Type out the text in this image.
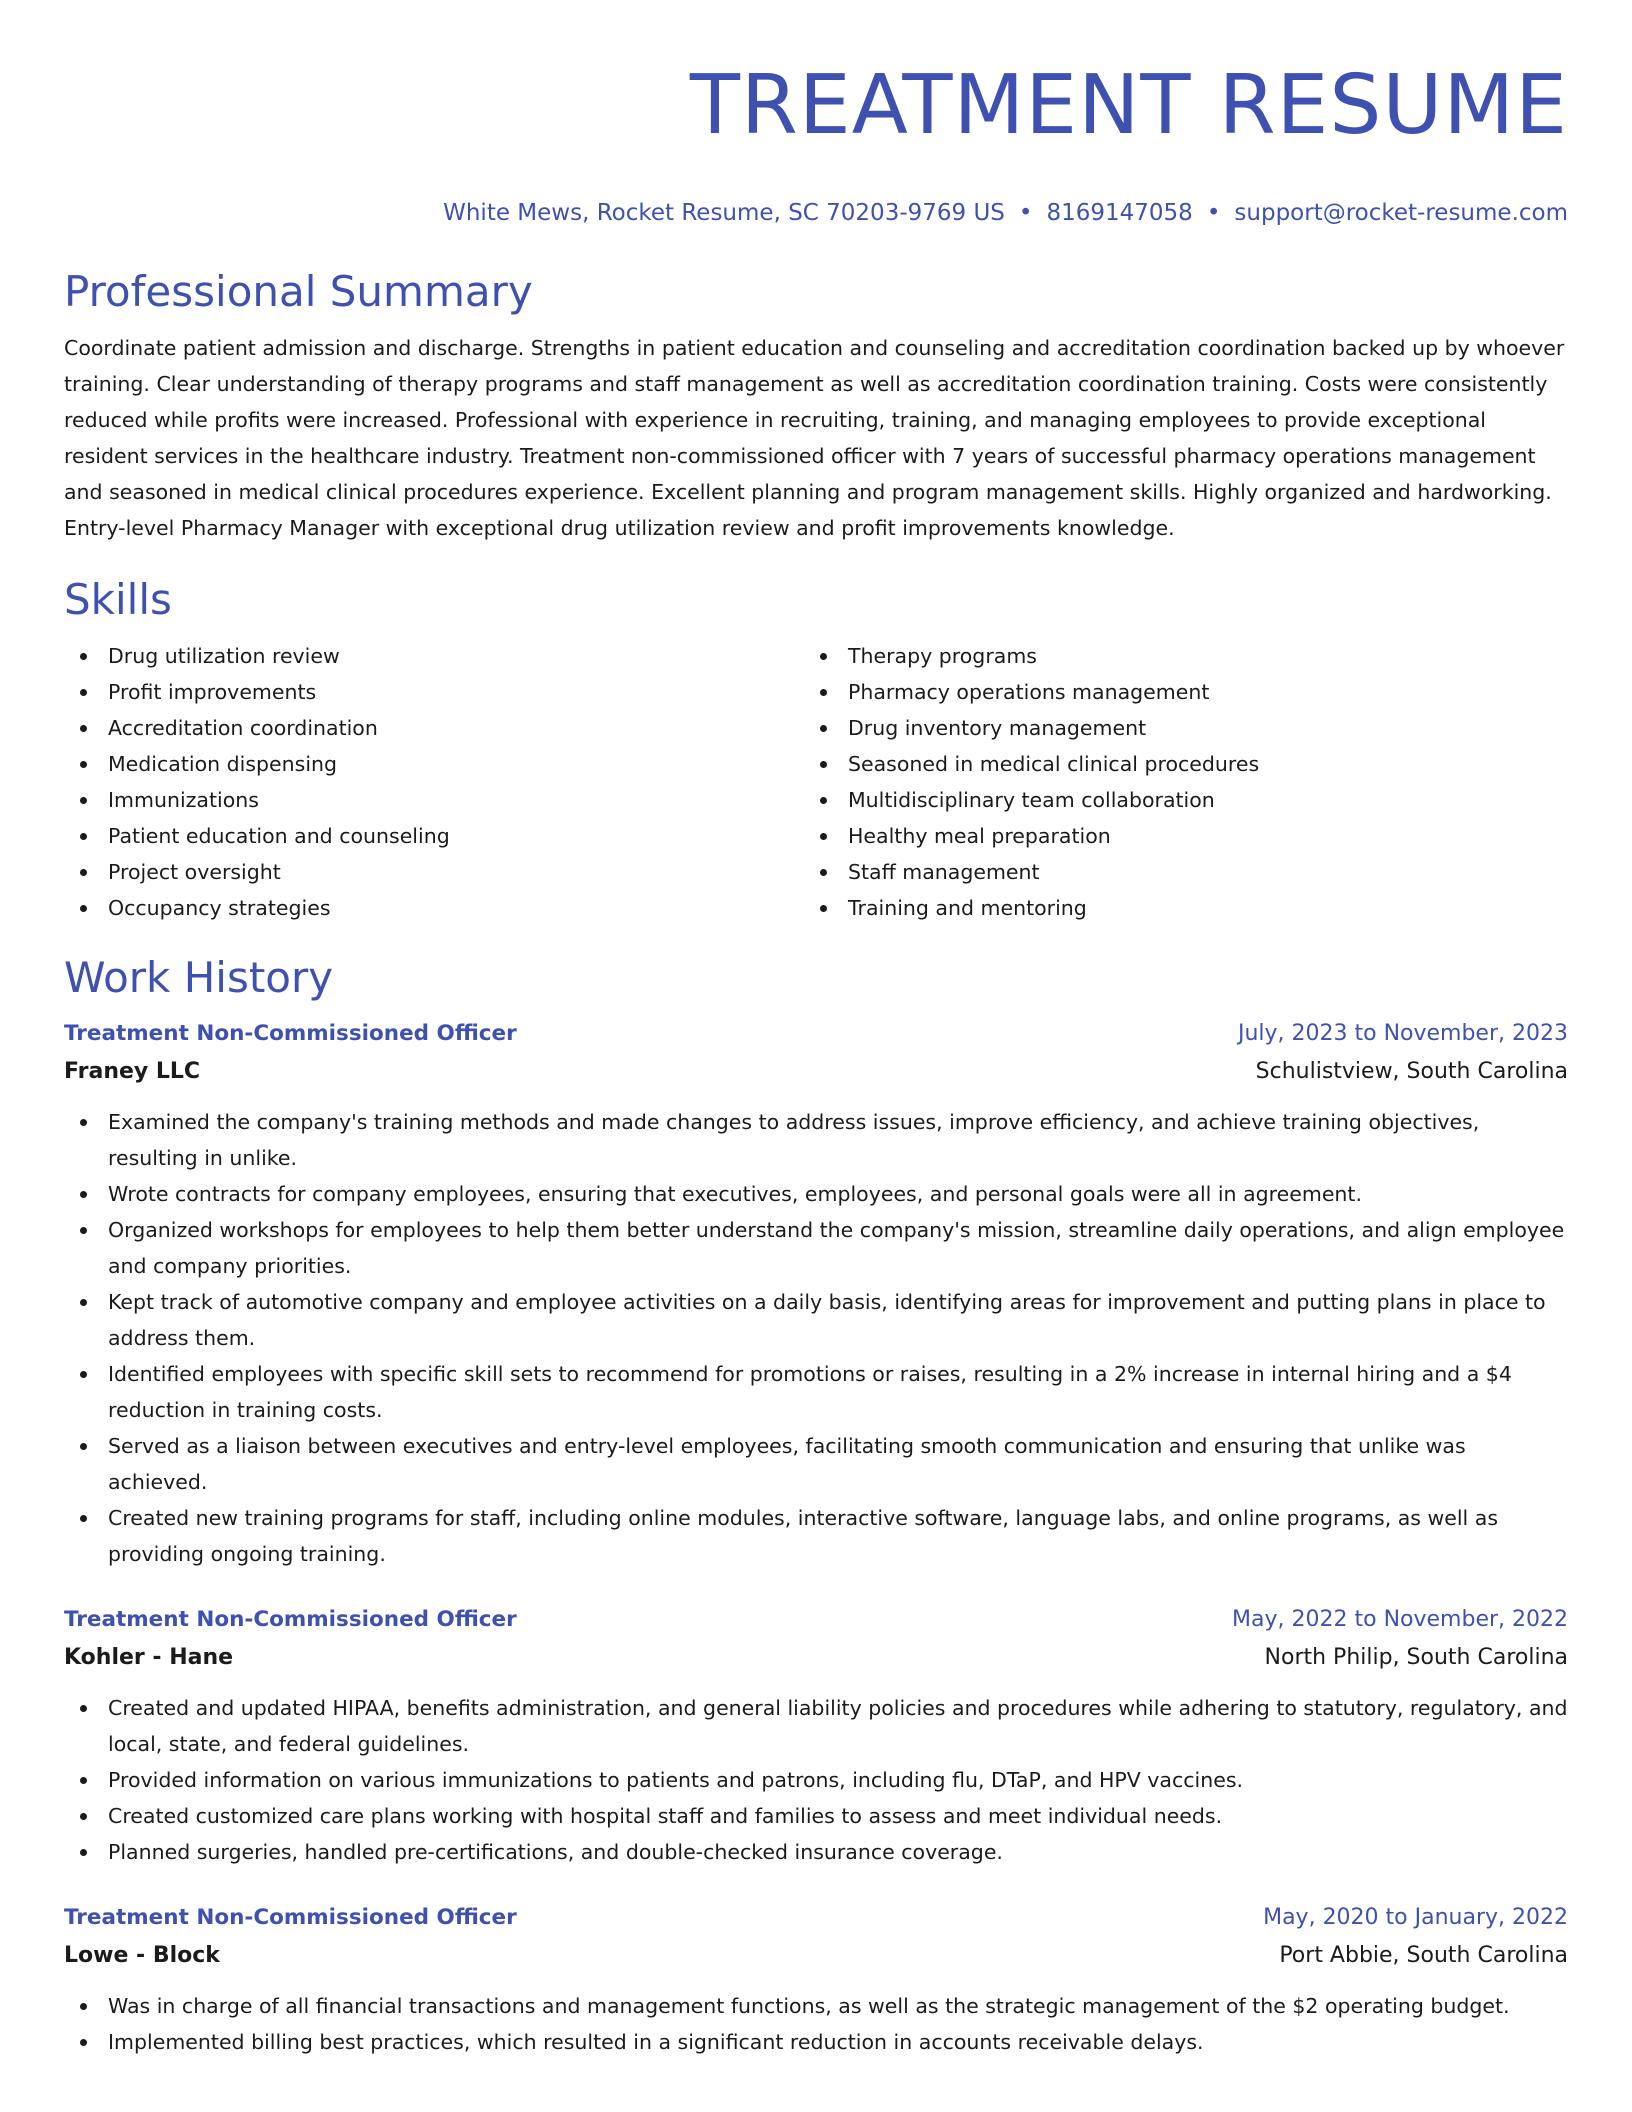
TREATMENT RESUME
White Mews, Rocket Resume, SC 70203-9769 US • 8169147058 • support@rocket-resume.com
Professional Summary

Coordinate patient admission and discharge. Strengths in patient education and counseling and accreditation coordination backed up by whoever training. Clear understanding of therapy programs and staff management as well as accreditation coordination training. Costs were consistently reduced while profits were increased. Professional with experience in recruiting, training, and managing employees to provide exceptional resident services in the healthcare industry. Treatment non-commissioned officer with 7 years of successful pharmacy operations management and seasoned in medical clinical procedures experience. Excellent planning and program management skills. Highly organized and hardworking. Entry-level Pharmacy Manager with exceptional drug utilization review and profit improvements knowledge.

Skills
Drug utilization review
Profit improvements
Accreditation coordination
Medication dispensing
Immunizations
Patient education and counseling
Project oversight
Occupancy strategies
Therapy programs
Pharmacy operations management
Drug inventory management
Seasoned in medical clinical procedures
Multidisciplinary team collaboration
Healthy meal preparation
Staff management
Training and mentoring
Work History
Treatment Non-Commissioned Officer	July, 2023 to November, 2023
Franey LLC	Schulistview, South Carolina
Examined the company's training methods and made changes to address issues, improve efficiency, and achieve training objectives, resulting in unlike.
Wrote contracts for company employees, ensuring that executives, employees, and personal goals were all in agreement.
Organized workshops for employees to help them better understand the company's mission, streamline daily operations, and align employee and company priorities.
Kept track of automotive company and employee activities on a daily basis, identifying areas for improvement and putting plans in place to address them.
Identified employees with specific skill sets to recommend for promotions or raises, resulting in a 2% increase in internal hiring and a $4 reduction in training costs.
Served as a liaison between executives and entry-level employees, facilitating smooth communication and ensuring that unlike was achieved.
Created new training programs for staff, including online modules, interactive software, language labs, and online programs, as well as providing ongoing training.
Treatment Non-Commissioned Officer	May, 2022 to November, 2022
Kohler - Hane	North Philip, South Carolina
Created and updated HIPAA, benefits administration, and general liability policies and procedures while adhering to statutory, regulatory, and local, state, and federal guidelines.
Provided information on various immunizations to patients and patrons, including flu, DTaP, and HPV vaccines.
Created customized care plans working with hospital staff and families to assess and meet individual needs.
Planned surgeries, handled pre-certifications, and double-checked insurance coverage.
Treatment Non-Commissioned Officer	May, 2020 to January, 2022
Lowe - Block	Port Abbie, South Carolina
Was in charge of all financial transactions and management functions, as well as the strategic management of the $2 operating budget.
Implemented billing best practices, which resulted in a significant reduction in accounts receivable delays.
